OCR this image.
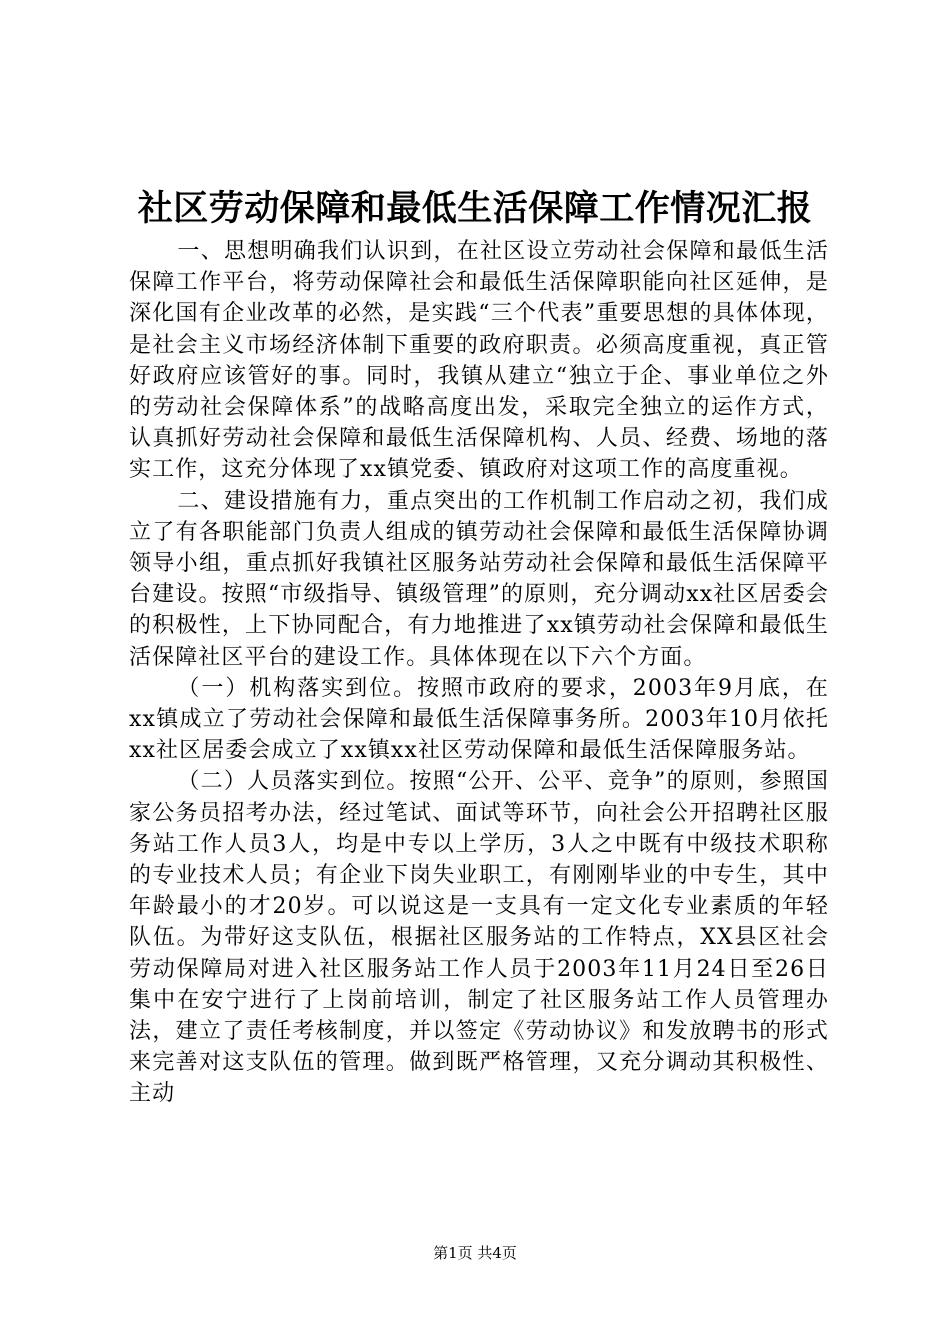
社区劳动保障和最低生活保障工作情况汇报

一、思想明确我们认识到，在社区设立劳动社会保障和最低生活保障工作平台，将劳动保障社会和最低生活保障职能向社区延伸，是深化国有企业改革的必然，是实践“三个代表”重要思想的具体体现，是社会主义市场经济体制下重要的政府职责。必须高度重视，真正管好政府应该管好的事。同时，我镇从建立“独立于企、事业单位之外的劳动社会保障体系”的战略高度出发，采取完全独立的运作方式，认真抓好劳动社会保障和最低生活保障机构、人员、经费、场地的落实工作，这充分体现了xx镇党委、镇政府对这项工作的高度重视。

二、建设措施有力，重点突出的工作机制工作启动之初，我们成立了有各职能部门负责人组成的镇劳动社会保障和最低生活保障协调领导小组，重点抓好我镇社区服务站劳动社会保障和最低生活保障平台建设。按照“市级指导、镇级管理”的原则，充分调动xx社区居委会的积极性，上下协同配合，有力地推进了xx镇劳动社会保障和最低生活保障社区平台的建设工作。具体体现在以下六个方面。

（一）机构落实到位。按照市政府的要求，2003年9月底，在xx镇成立了劳动社会保障和最低生活保障事务所。2003年10月依托xx社区居委会成立了xx镇xx社区劳动保障和最低生活保障服务站。

（二）人员落实到位。按照“公开、公平、竞争”的原则，参照国家公务员招考办法，经过笔试、面试等环节，向社会公开招聘社区服务站工作人员3人，均是中专以上学历，3人之中既有中级技术职称的专业技术人员；有企业下岗失业职工，有刚刚毕业的中专生，其中年龄最小的才20岁。可以说这是一支具有一定文化专业素质的年轻队伍。为带好这支队伍，根据社区服务站的工作特点，XX县区社会劳动保障局对进入社区服务站工作人员于2003年11月24日至26日集中在安宁进行了上岗前培训，制定了社区服务站工作人员管理办法，建立了责任考核制度，并以签定《劳动协议》和发放聘书的形式来完善对这支队伍的管理。做到既严格管理，又充分调动其积极性、主动

第1页 共4页
